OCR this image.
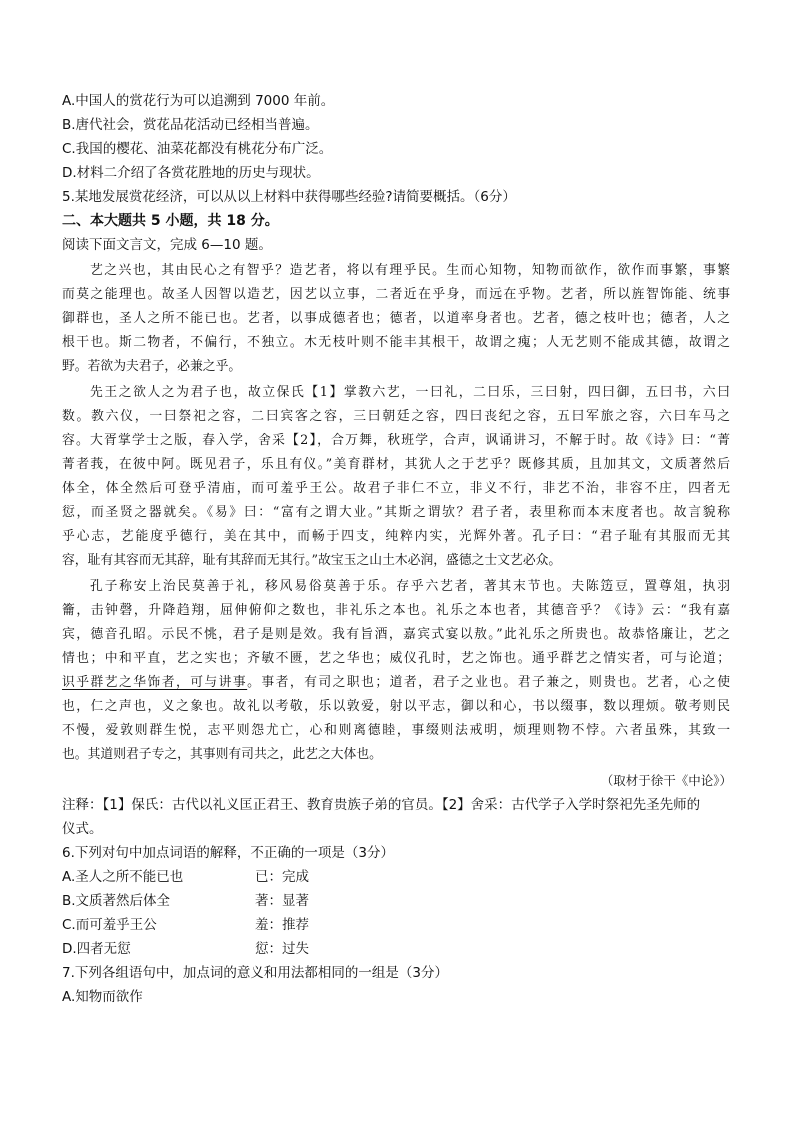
A.中国人的赏花行为可以追溯到 7000 年前。
B.唐代社会，赏花品花活动已经相当普遍。
C.我国的樱花、油菜花都没有桃花分布广泛。
D.材料二介绍了各赏花胜地的历史与现状。
5.某地发展赏花经济，可以从以上材料中获得哪些经验?请简要概括。（6分）
二、本大题共 5 小题，共 18 分。
阅读下面文言文，完成 6—10 题。
艺之兴也，其由民心之有智乎？造艺者，将以有理乎民。生而心知物，知物而欲作，欲作而事繁，事繁
而莫之能理也。故圣人因智以造艺，因艺以立事，二者近在乎身，而远在乎物。艺者，所以旌智饰能、统事
御群也，圣人之所不能已也。艺者，以事成德者也；德者，以道率身者也。艺者，德之枝叶也；德者，人之
根干也。斯二物者，不偏行，不独立。木无枝叶则不能丰其根干，故谓之瘣；人无艺则不能成其德，故谓之
野。若欲为夫君子，必兼之乎。
先王之欲人之为君子也，故立保氏【1】掌教六艺，一曰礼，二曰乐，三曰射，四曰御，五曰书，六曰
数。教六仪，一曰祭祀之容，二曰宾客之容，三曰朝廷之容，四曰丧纪之容，五曰军旅之容，六曰车马之
容。大胥掌学士之版，春入学，舍采【2】，合万舞，秋班学，合声，讽诵讲习，不解于时。故《诗》曰：“菁
菁者莪，在彼中阿。既见君子，乐且有仪。”美育群材，其犹人之于艺乎？既修其质，且加其文，文质著然后
体全，体全然后可登乎清庙，而可羞乎王公。故君子非仁不立，非义不行，非艺不治，非容不庄，四者无
愆，而圣贤之器就矣。《易》曰：“富有之谓大业。”其斯之谓欤？君子者，表里称而本末度者也。故言貌称
乎心志，艺能度乎德行，美在其中，而畅于四支，纯粹内实，光辉外著。孔子曰：“君子耻有其服而无其
容，耻有其容而无其辞，耻有其辞而无其行。”故宝玉之山土木必润，盛德之士文艺必众。
孔子称安上治民莫善于礼，移风易俗莫善于乐。存乎六艺者，著其末节也。夫陈笾豆，置尊俎，执羽
籥，击钟磬，升降趋翔，屈伸俯仰之数也，非礼乐之本也。礼乐之本也者，其德音乎？《诗》云：“我有嘉
宾，德音孔昭。示民不恌，君子是则是效。我有旨酒，嘉宾式宴以敖。”此礼乐之所贵也。故恭恪廉让，艺之
情也；中和平直，艺之实也；齐敏不匮，艺之华也；威仪孔时，艺之饰也。通乎群艺之情实者，可与论道；
识乎群艺之华饰者，可与讲事。事者，有司之职也；道者，君子之业也。君子兼之，则贵也。艺者，心之使
也，仁之声也，义之象也。故礼以考敬，乐以敦爱，射以平志，御以和心，书以缀事，数以理烦。敬考则民
不慢，爱敦则群生悦，志平则怨尤亡，心和则离德睦，事缀则法戒明，烦理则物不悖。六者虽殊，其致一
也。其道则君子专之，其事则有司共之，此艺之大体也。
（取材于徐干《中论》）
注释：【1】保氏：古代以礼义匡正君王、教育贵族子弟的官员。【2】舍采：古代学子入学时祭祀先圣先师的
仪式。
6.下列对句中加点词语的解释，不正确的一项是（3分）
A.圣人之所不能已也	已：完成
B.文质著然后体全	著：显著
C.而可羞乎王公	羞：推荐
D.四者无愆	愆：过失
7.下列各组语句中，加点词的意义和用法都相同的一组是（3分）
A.知物而欲作
